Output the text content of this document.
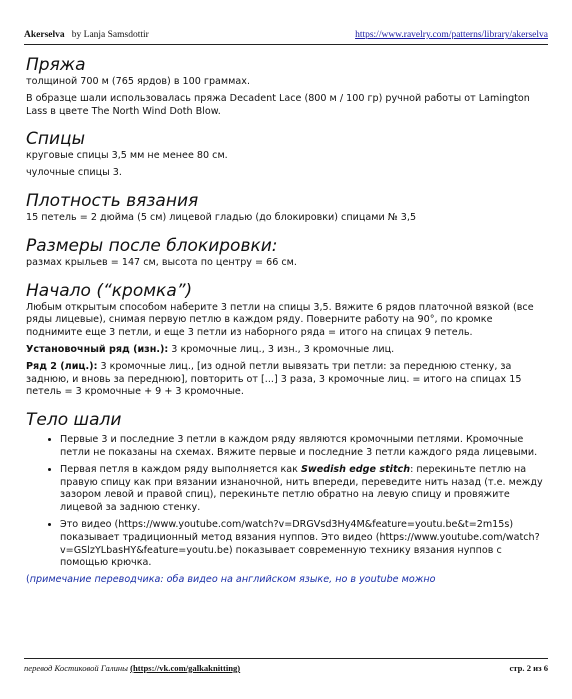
Akerselva by Lanja Samsdottir	https://www.ravelry.com/patterns/library/akerselva
Пряжа

толщиной 700 м (765 ярдов) в 100 граммах.

В образце шали использовалась пряжа Decadent Lace (800 м / 100 гр) ручной работы от Lamington Lass в цвете The North Wind Doth Blow.

Спицы

круговые спицы 3,5 мм не менее 80 см.

чулочные спицы 3.

Плотность вязания

15 петель = 2 дюйма (5 см) лицевой гладью (до блокировки) спицами № 3,5

Размеры после блокировки:

размах крыльев = 147 см, высота по центру = 66 см.

Начало (“кромка”)

Любым открытым способом наберите 3 петли на спицы 3,5. Вяжите 6 рядов платочной вязкой (все ряды лицевые), снимая первую петлю в каждом ряду. Поверните работу на 90°, по кромке поднимите еще 3 петли, и еще 3 петли из наборного ряда = итого на спицах 9 петель.

Установочный ряд (изн.): 3 кромочные лиц., 3 изн., 3 кромочные лиц.

Ряд 2 (лиц.): 3 кромочные лиц., [из одной петли вывязать три петли: за переднюю стенку, за заднюю, и вновь за переднюю], повторить от [...] 3 раза, 3 кромочные лиц. = итого на спицах 15 петель = 3 кромочные + 9 + 3 кромочные.

Тело шали
• Первые 3 и последние 3 петли в каждом ряду являются кромочными петлями. Кромочные петли не показаны на схемах. Вяжите первые и последние 3 петли каждого ряда лицевыми.
• Первая петля в каждом ряду выполняется как Swedish edge stitch: перекиньте петлю на правую спицу как при вязании изнаночной, нить впереди, переведите нить назад (т.е. между зазором левой и правой спиц), перекиньте петлю обратно на левую спицу и провяжите лицевой за заднюю стенку.
• Это видео (https://www.youtube.com/watch?v=DRGVsd3Hy4M&feature=youtu.be&t=2m15s) показывает традиционный метод вязания нуппов. Это видео (https://www.youtube.com/watch?v=GSlzYLbasHY&feature=youtu.be) показывает современную технику вязания нуппов с помощью крючка.

(примечание переводчика: оба видео на английском языке, но в youtube можно

перевод Костиковой Галины (https://vk.com/galkaknitting)	стр. 2 из 6
